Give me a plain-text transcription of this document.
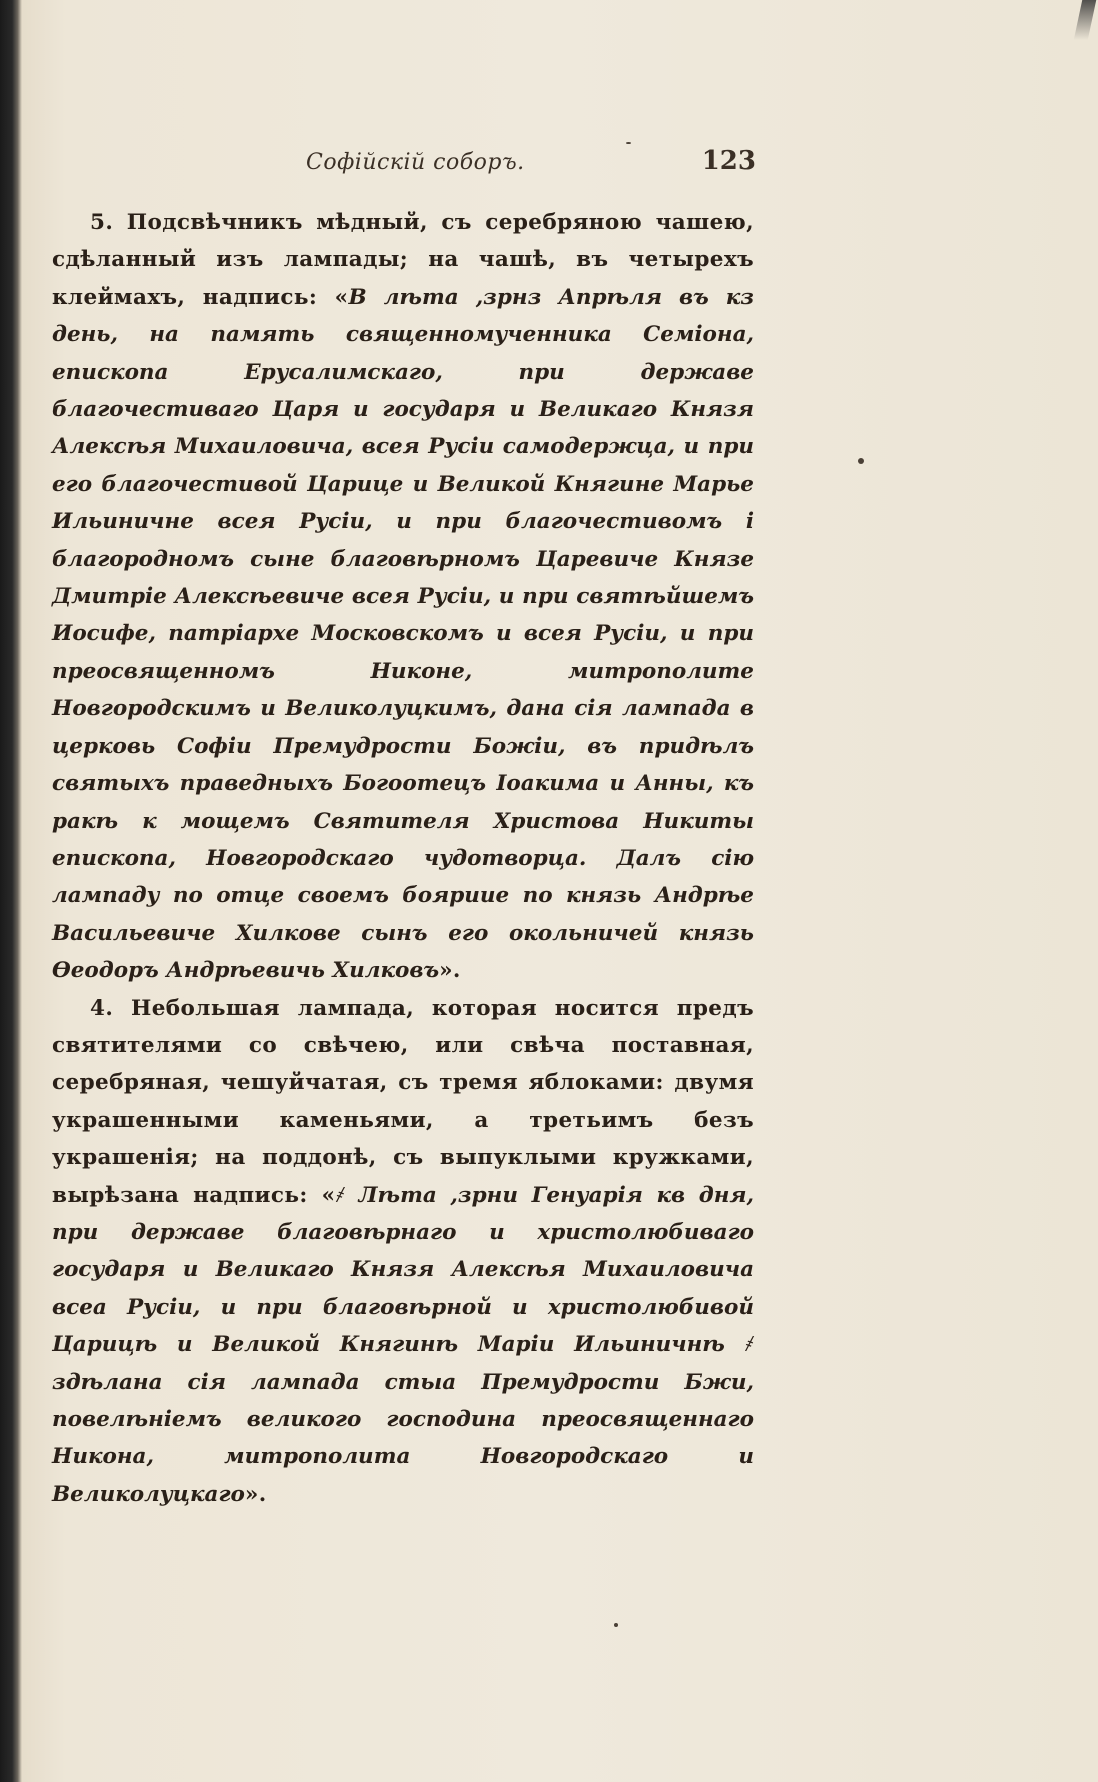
Софійскій соборъ.	123

5. Подсвѣчникъ мѣдный, съ серебряною чашею, сдѣланный изъ лампады; на чашѣ, въ четырехъ клеймахъ, надпись: «В лѣта ,зрнз Апрѣля въ кз день, на память священномученника Семіона, епископа Ерусалимскаго, при державе благочестиваго Царя и государя и Великаго Князя Алексѣя Михаиловича, всея Русіи самодержца, и при его благочестивой Царице и Великой Княгине Марье Ильиничне всея Русіи, и при благочестивомъ і благородномъ сыне благовѣрномъ Царевиче Князе Дмитріе Алексѣевиче всея Русіи, и при святѣйшемъ Иосифе, патріархе Московскомъ и всея Русіи, и при преосвященномъ Никоне, митрополите Новгородскимъ и Великолуцкимъ, дана сія лампада в церковь Софіи Премудрости Божіи, въ придѣлъ святыхъ праведныхъ Богоотецъ Іоакима и Анны, къ ракѣ к мощемъ Святителя Христова Никиты епископа, Новгородскаго чудотворца. Далъ сію лампаду по отце своемъ бояриие по князь Андрѣе Васильевиче Хилкове сынъ его окольничей князь Өеодоръ Андрѣевичь Хилковъ».

4. Небольшая лампада, которая носится предъ святителями со свѣчею, или свѣча поставная, серебряная, чешуйчатая, съ тремя яблоками: двумя украшенными каменьями, а третьимъ безъ украшенія; на поддонѣ, съ выпуклыми кружками, вырѣзана надпись: «҂ Лѣта ,зрни Генуарія кв дня, при державе благовѣрнаго и христолюбиваго государя и Великаго Князя Алексѣя Михаиловича всеа Русіи, и при благовѣрной и христолюбивой Царицѣ и Великой Княгинѣ Маріи Ильиничнѣ ҂ здѣлана сія лампада стыа Премудрости Бжи, повелѣніемъ великого господина преосвященнаго Никона, митрополита Новгородскаго и Великолуцкаго».
